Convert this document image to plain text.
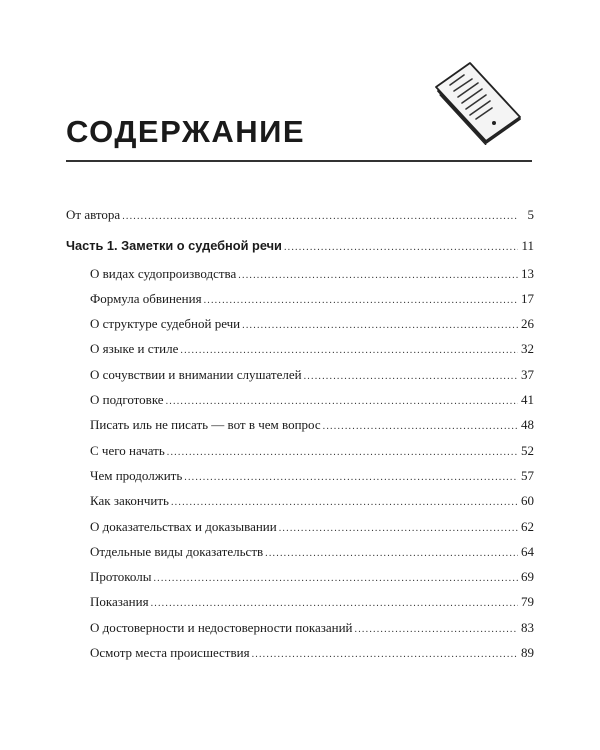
СОДЕРЖАНИЕ
От автора .....	5
Часть 1. Заметки о судебной речи .....	11
О видах судопроизводства .....	13
Формула обвинения .....	17
О структуре судебной речи .....	26
О языке и стиле .....	32
О сочувствии и внимании слушателей .....	37
О подготовке .....	41
Писать иль не писать — вот в чем вопрос .....	48
С чего начать .....	52
Чем продолжить .....	57
Как закончить .....	60
О доказательствах и доказывании .....	62
Отдельные виды доказательств .....	64
Протоколы .....	69
Показания .....	79
О достоверности и недостоверности показаний .....	83
Осмотр места происшествия .....	89
